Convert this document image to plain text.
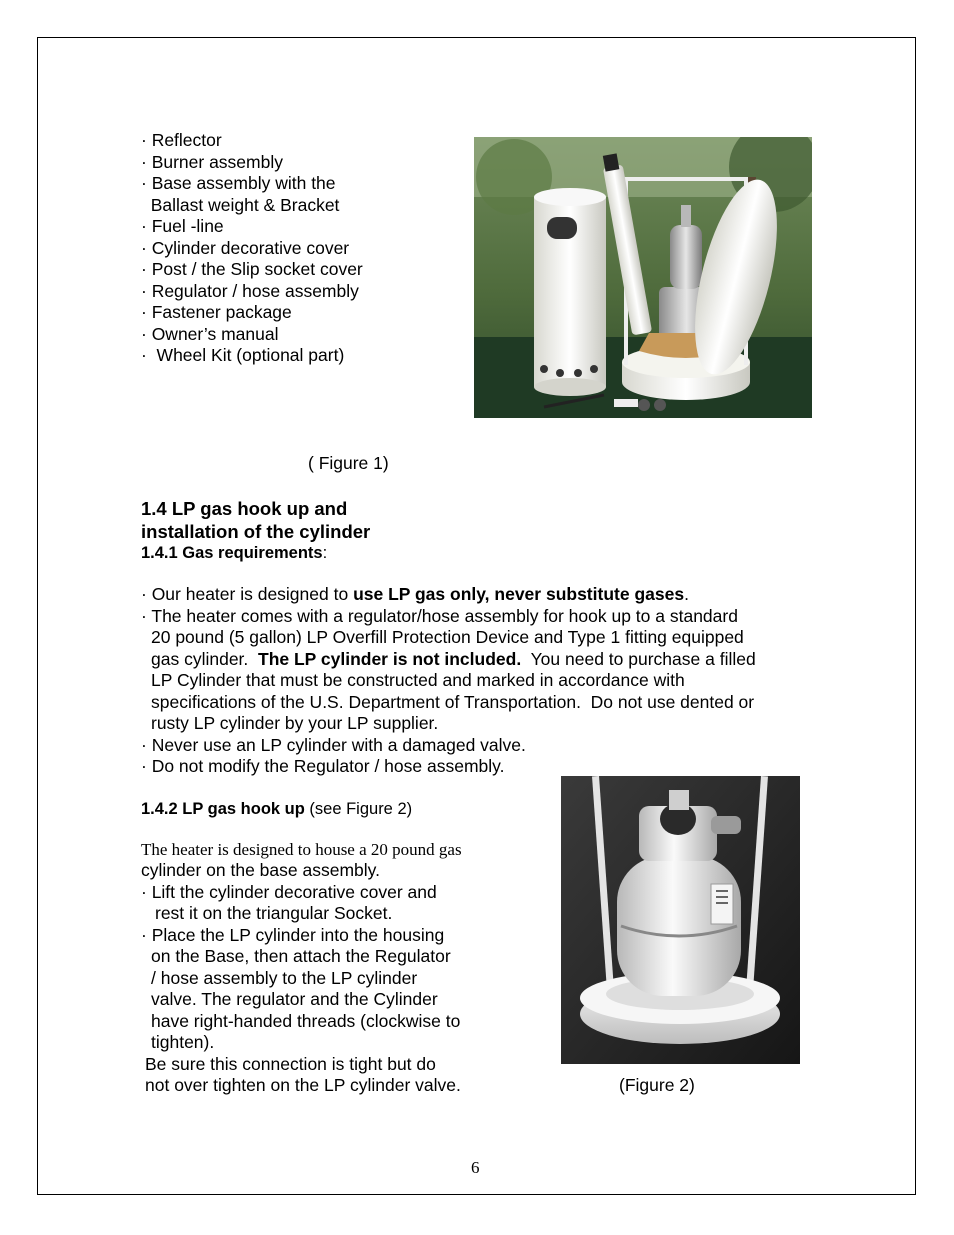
· Reflector
· Burner assembly
· Base assembly with the
Ballast weight & Bracket
· Fuel -line
· Cylinder decorative cover
· Post / the Slip socket cover
· Regulator / hose assembly
· Fastener package
· Owner’s manual
·  Wheel Kit (optional part)
( Figure 1)
1.4 LP gas hook up and
installation of the cylinder
1.4.1 Gas requirements:
· Our heater is designed to use LP gas only, never substitute gases.
· The heater comes with a regulator/hose assembly for hook up to a standard
20 pound (5 gallon) LP Overfill Protection Device and Type 1 fitting equipped
gas cylinder.  The LP cylinder is not included.  You need to purchase a filled
LP Cylinder that must be constructed and marked in accordance with
specifications of the U.S. Department of Transportation.  Do not use dented or
rusty LP cylinder by your LP supplier.
· Never use an LP cylinder with a damaged valve.
· Do not modify the Regulator / hose assembly.
1.4.2 LP gas hook up (see Figure 2)
The heater is designed to house a 20 pound gas
cylinder on the base assembly.
· Lift the cylinder decorative cover and
rest it on the triangular Socket.
· Place the LP cylinder into the housing
on the Base, then attach the Regulator
/ hose assembly to the LP cylinder
valve. The regulator and the Cylinder
have right-handed threads (clockwise to
tighten).
Be sure this connection is tight but do
not over tighten on the LP cylinder valve.	(Figure 2)
6
